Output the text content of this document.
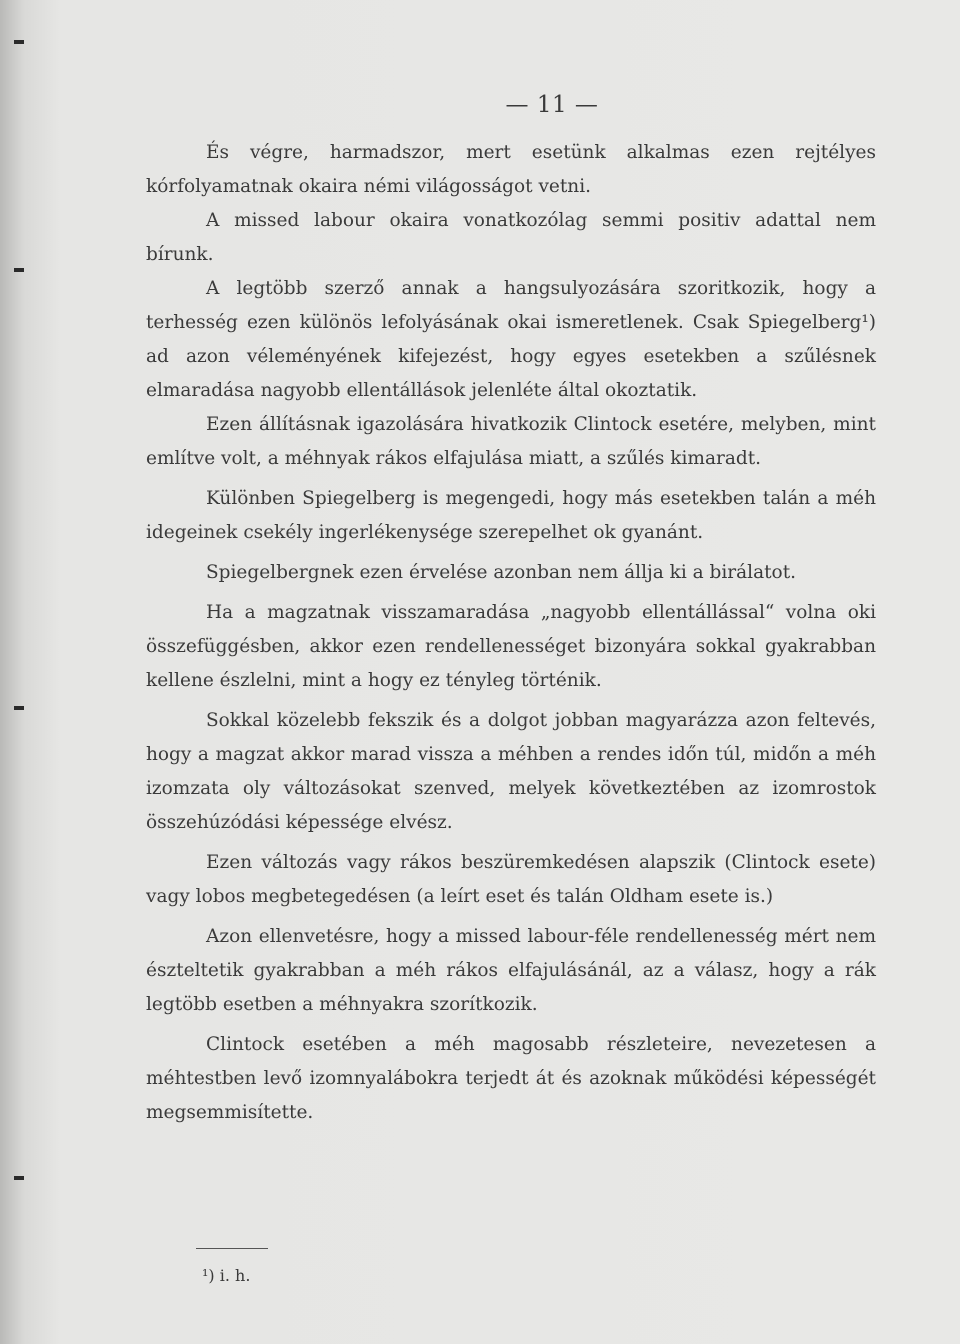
— 11 —

És végre, harmadszor, mert esetünk alkalmas ezen rejtélyes kórfolyamatnak okaira némi világosságot vetni.

A missed labour okaira vonatkozólag semmi positiv adattal nem bírunk.

A legtöbb szerző annak a hangsulyozására szoritkozik, hogy a terhesség ezen különös lefolyásának okai ismeretlenek. Csak Spiegelberg¹) ad azon véleményének kifejezést, hogy egyes esetekben a szűlésnek elmaradása nagyobb ellentállások jelenléte által okoztatik.

Ezen állításnak igazolására hivatkozik Clintock esetére, melyben, mint említve volt, a méhnyak rákos elfajulása miatt, a szűlés kimaradt.

Különben Spiegelberg is megengedi, hogy más esetekben talán a méh idegeinek csekély ingerlékenysége szerepelhet ok gyanánt.

Spiegelbergnek ezen érvelése azonban nem állja ki a birálatot.

Ha a magzatnak visszamaradása „nagyobb ellentállással“ volna oki összefüggésben, akkor ezen rendellenességet bizonyára sokkal gyakrabban kellene észlelni, mint a hogy ez tényleg történik.

Sokkal közelebb fekszik és a dolgot jobban magyarázza azon feltevés, hogy a magzat akkor marad vissza a méhben a rendes időn túl, midőn a méh izomzata oly változásokat szenved, melyek következtében az izomrostok összehúzódási képessége elvész.

Ezen változás vagy rákos beszüremkedésen alapszik (Clintock esete) vagy lobos megbetegedésen (a leírt eset és talán Oldham esete is.)

Azon ellenvetésre, hogy a missed labour-féle rendellenesség mért nem észteltetik gyakrabban a méh rákos elfajulásánál, az a válasz, hogy a rák legtöbb esetben a méhnyakra szorítkozik.

Clintock esetében a méh magosabb részleteire, nevezetesen a méhtestben levő izomnyalábokra terjedt át és azoknak működési képességét megsemmisítette.

¹) i. h.
